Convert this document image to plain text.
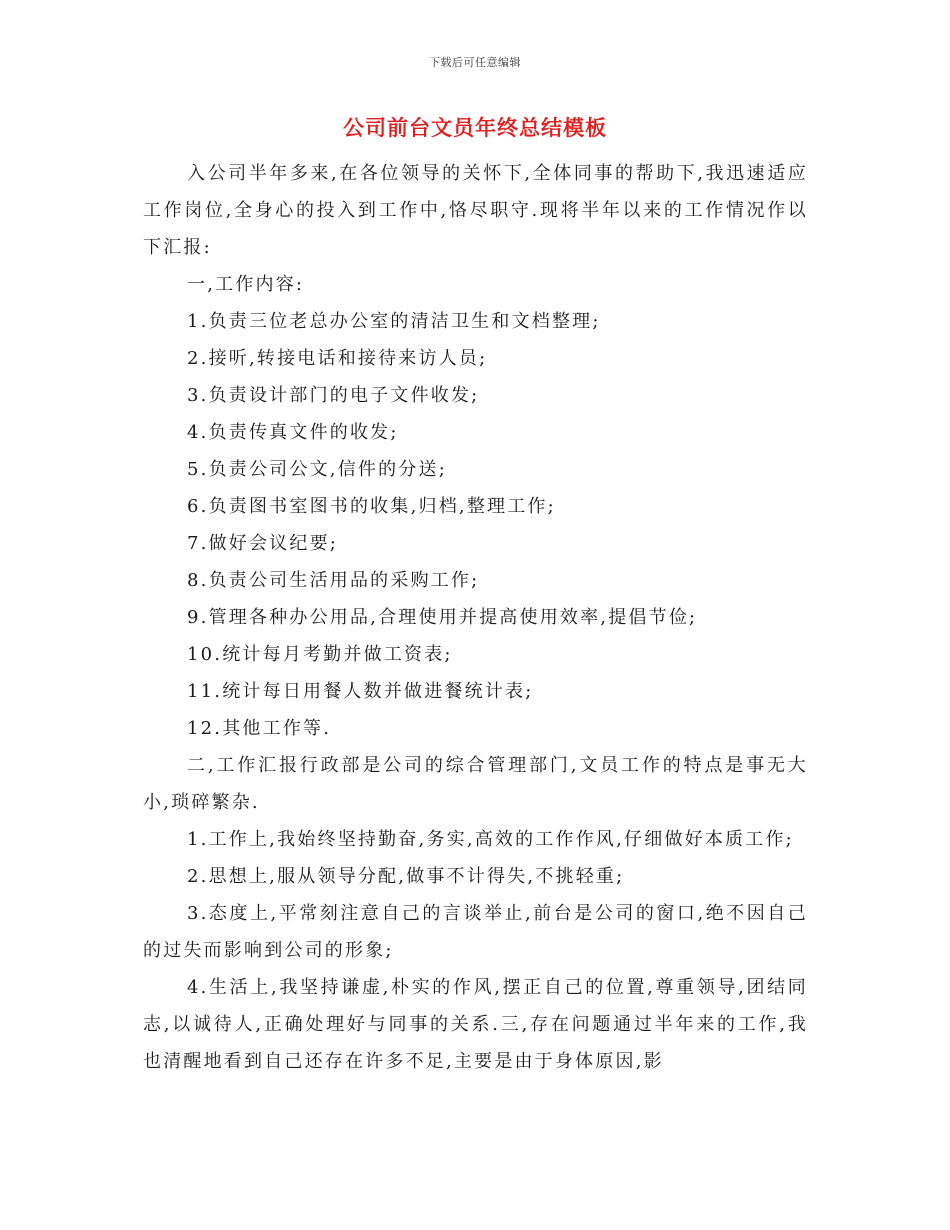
下载后可任意编辑
公司前台文员年终总结模板

入公司半年多来,在各位领导的关怀下,全体同事的帮助下,我迅速适应工作岗位,全身心的投入到工作中,恪尽职守.现将半年以来的工作情况作以下汇报:

一,工作内容:

1.负责三位老总办公室的清洁卫生和文档整理;

2.接听,转接电话和接待来访人员;

3.负责设计部门的电子文件收发;

4.负责传真文件的收发;

5.负责公司公文,信件的分送;

6.负责图书室图书的收集,归档,整理工作;

7.做好会议纪要;

8.负责公司生活用品的采购工作;

9.管理各种办公用品,合理使用并提高使用效率,提倡节俭;

10.统计每月考勤并做工资表;

11.统计每日用餐人数并做进餐统计表;

12.其他工作等.

二,工作汇报行政部是公司的综合管理部门,文员工作的特点是事无大小,琐碎繁杂.

1.工作上,我始终坚持勤奋,务实,高效的工作作风,仔细做好本质工作;

2.思想上,服从领导分配,做事不计得失,不挑轻重;

3.态度上,平常刻注意自己的言谈举止,前台是公司的窗口,绝不因自己的过失而影响到公司的形象;

4.生活上,我坚持谦虚,朴实的作风,摆正自己的位置,尊重领导,团结同志,以诚待人,正确处理好与同事的关系.三,存在问题通过半年来的工作,我也清醒地看到自己还存在许多不足,主要是由于身体原因,影
